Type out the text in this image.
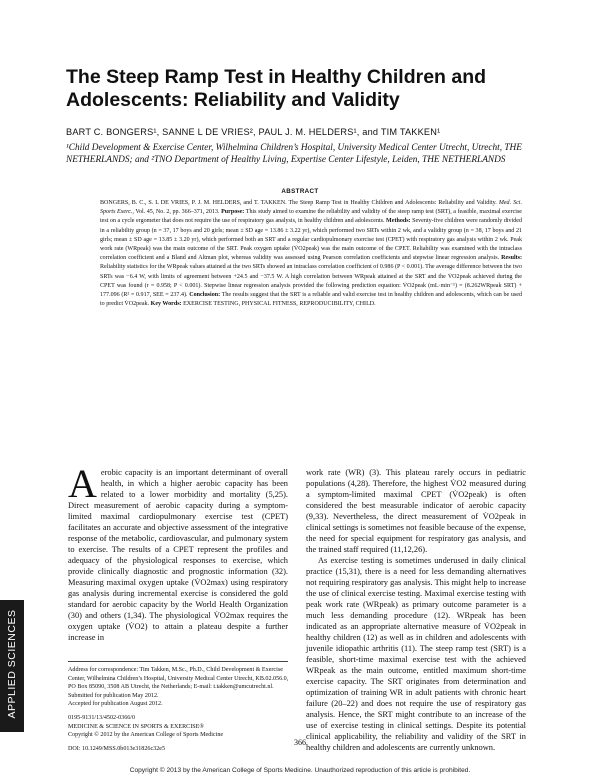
The Steep Ramp Test in Healthy Children and Adolescents: Reliability and Validity
BART C. BONGERS¹, SANNE L DE VRIES², PAUL J. M. HELDERS¹, and TIM TAKKEN¹
¹Child Development & Exercise Center, Wilhelmina Children’s Hospital, University Medical Center Utrecht, Utrecht, THE NETHERLANDS; and ²TNO Department of Healthy Living, Expertise Center Lifestyle, Leiden, THE NETHERLANDS
ABSTRACT
BONGERS, B. C., S. L DE VRIES, P. J. M. HELDERS, and T. TAKKEN. The Steep Ramp Test in Healthy Children and Adolescents: Reliability and Validity. Med. Sci. Sports Exerc., Vol. 45, No. 2, pp. 366–371, 2013. Purpose: This study aimed to examine the reliability and validity of the steep ramp test (SRT), a feasible, maximal exercise test on a cycle ergometer that does not require the use of respiratory gas analysis, in healthy children and adolescents. Methods: Seventy-five children were randomly divided in a reliability group (n = 37, 17 boys and 20 girls; mean ± SD age = 13.86 ± 3.22 yr), which performed two SRTs within 2 wk, and a validity group (n = 38, 17 boys and 21 girls; mean ± SD age = 13.85 ± 3.20 yr), which performed both an SRT and a regular cardiopulmonary exercise test (CPET) with respiratory gas analysis within 2 wk. Peak work rate (WRpeak) was the main outcome of the SRT. Peak oxygen uptake (V̇O2peak) was the main outcome of the CPET. Reliability was examined with the intraclass correlation coefficient and a Bland and Altman plot, whereas validity was assessed using Pearson correlation coefficients and stepwise linear regression analysis. Results: Reliability statistics for the WRpeak values attained at the two SRTs showed an intraclass correlation coefficient of 0.986 (P < 0.001). The average difference between the two SRTs was −6.4 W, with limits of agreement between +24.5 and −37.5 W. A high correlation between WRpeak attained at the SRT and the V̇O2peak achieved during the CPET was found (r = 0.958; P < 0.001). Stepwise linear regression analysis provided the following prediction equation: V̇O2peak (mL·min⁻¹) = (8.262WRpeak SRT) + 177.096 (R² = 0.917, SEE = 237.4). Conclusion: The results suggest that the SRT is a reliable and valid exercise test in healthy children and adolescents, which can be used to predict V̇O2peak. Key Words: EXERCISE TESTING, PHYSICAL FITNESS, REPRODUCIBILITY, CHILD.

Aerobic capacity is an important determinant of overall health, in which a higher aerobic capacity has been related to a lower morbidity and mortality (5,25). Direct measurement of aerobic capacity during a symptom-limited maximal cardiopulmonary exercise test (CPET) facilitates an accurate and objective assessment of the integrative response of the metabolic, cardiovascular, and pulmonary system to exercise. The results of a CPET represent the profiles and adequacy of the physiological responses to exercise, which provide clinically diagnostic and prognostic information (32). Measuring maximal oxygen uptake (V̇O2max) using respiratory gas analysis during incremental exercise is considered the gold standard for aerobic capacity by the World Health Organization (30) and others (1,34). The physiological V̇O2max requires the oxygen uptake (V̇O2) to attain a plateau despite a further increase in

work rate (WR) (3). This plateau rarely occurs in pediatric populations (4,28). Therefore, the highest V̇O2 measured during a symptom-limited maximal CPET (V̇O2peak) is often considered the best measurable indicator of aerobic capacity (9,33). Nevertheless, the direct measurement of V̇O2peak in clinical settings is sometimes not feasible because of the expense, the need for special equipment for respiratory gas analysis, and the trained staff required (11,12,26).

As exercise testing is sometimes underused in daily clinical practice (15,31), there is a need for less demanding alternatives not requiring respiratory gas analysis. This might help to increase the use of clinical exercise testing. Maximal exercise testing with peak work rate (WRpeak) as primary outcome parameter is a much less demanding procedure (12). WRpeak has been indicated as an appropriate alternative measure of V̇O2peak in healthy children (12) as well as in children and adolescents with juvenile idiopathic arthritis (11). The steep ramp test (SRT) is a feasible, short-time maximal exercise test with the achieved WRpeak as the main outcome, entitled maximum short-time exercise capacity. The SRT originates from determination and optimization of training WR in adult patients with chronic heart failure (20–22) and does not require the use of respiratory gas analysis. Hence, the SRT might contribute to an increase of the use of exercise testing in clinical settings. Despite its potential clinical applicability, the reliability and validity of the SRT in healthy children and adolescents are currently unknown.

APPLIED SCIENCES	Address for correspondence: Tim Takken, M.Sc., Ph.D., Child Development & Exercise Center, Wilhelmina Children’s Hospital, University Medical Center Utrecht, KB.02.056.0, PO Box 85090, 3508 AB Utrecht, the Netherlands; E-mail: t.takken@umcutrecht.nl.

Submitted for publication May 2012.

Accepted for publication August 2012.

0195-9131/13/4502-0366/0

MEDICINE & SCIENCE IN SPORTS & EXERCISE®

Copyright © 2012 by the American College of Sports Medicine

DOI: 10.1249/MSS.0b013e31826c32e5

366
Copyright © 2013 by the American College of Sports Medicine. Unauthorized reproduction of this article is prohibited.
